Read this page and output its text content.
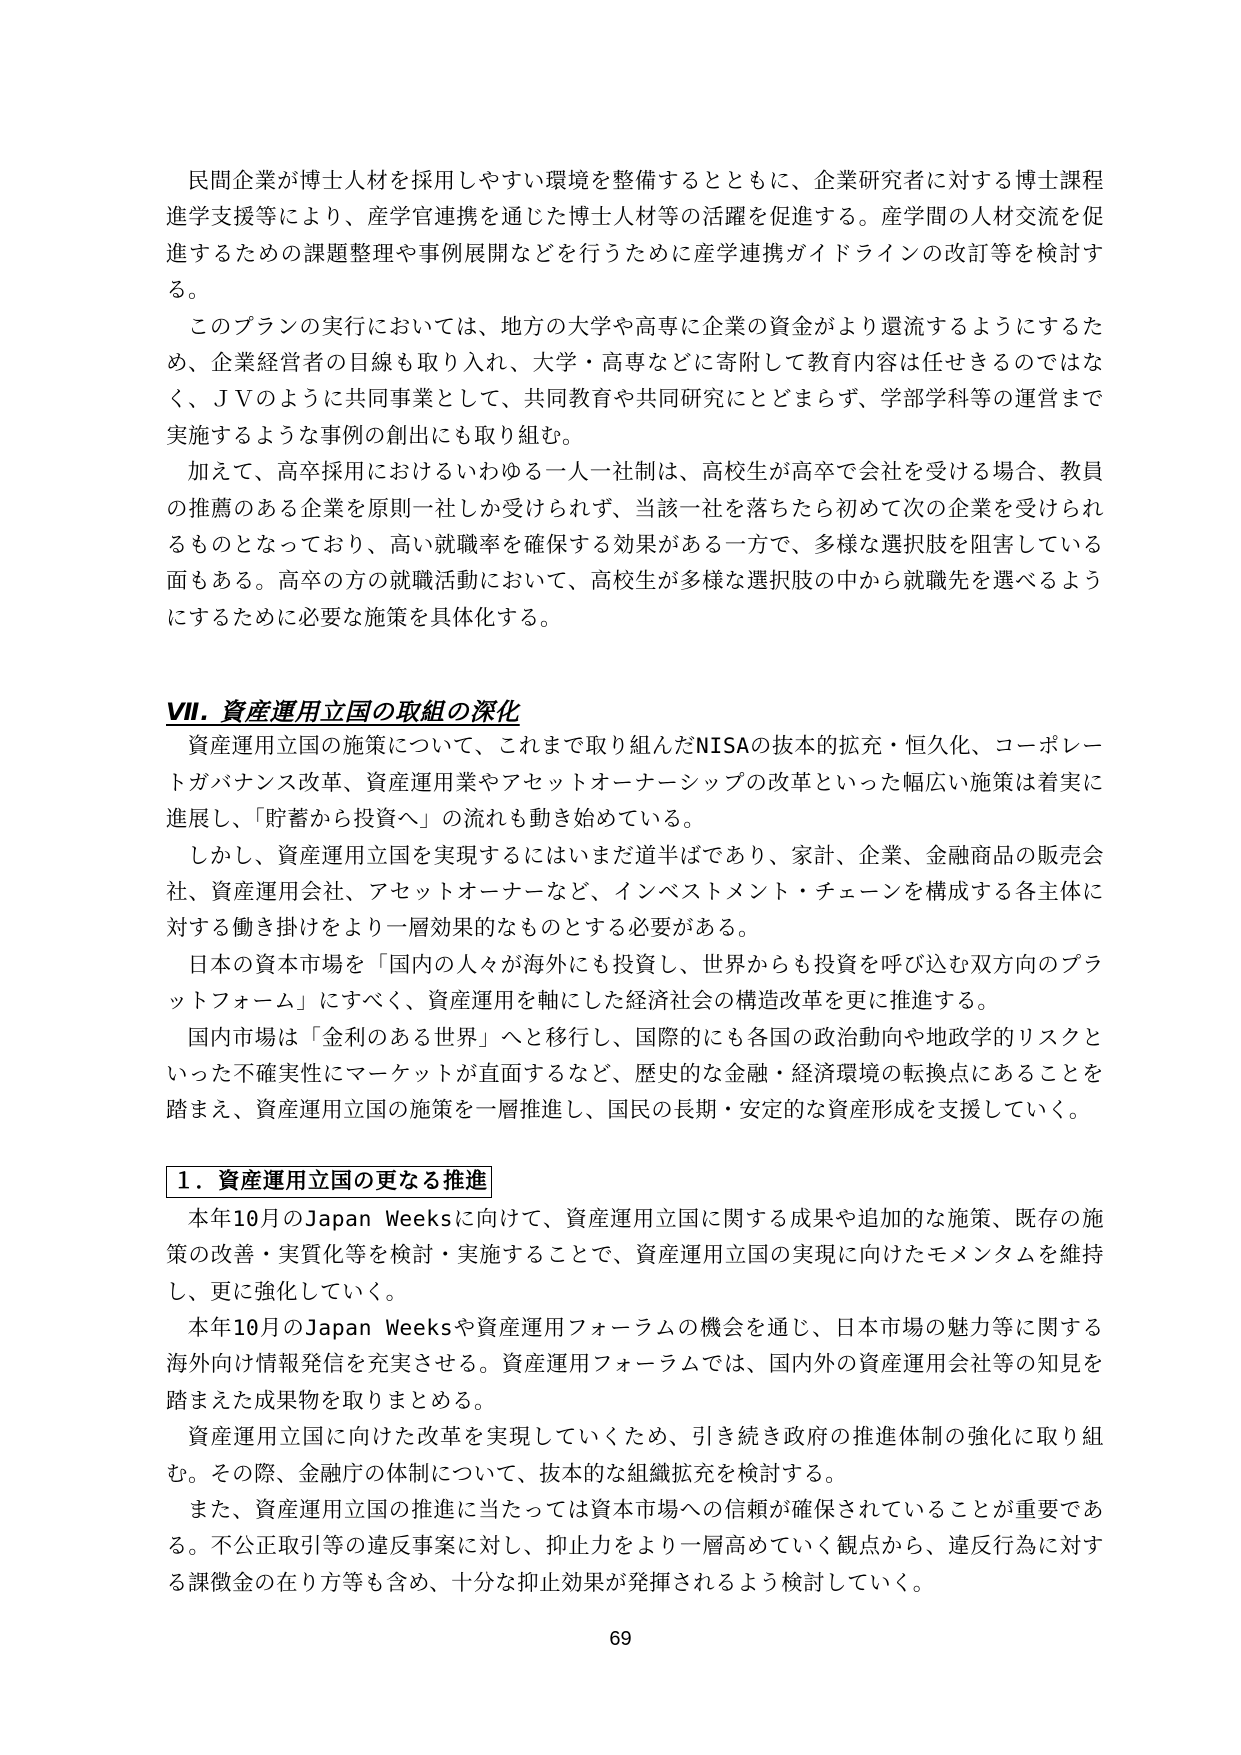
民間企業が博士人材を採用しやすい環境を整備するとともに、企業研究者に対する博士課程進学支援等により、産学官連携を通じた博士人材等の活躍を促進する。産学間の人材交流を促進するための課題整理や事例展開などを行うために産学連携ガイドラインの改訂等を検討する。

このプランの実行においては、地方の大学や高専に企業の資金がより還流するようにするため、企業経営者の目線も取り入れ、大学・高専などに寄附して教育内容は任せきるのではなく、ＪＶのように共同事業として、共同教育や共同研究にとどまらず、学部学科等の運営まで実施するような事例の創出にも取り組む。

加えて、高卒採用におけるいわゆる一人一社制は、高校生が高卒で会社を受ける場合、教員の推薦のある企業を原則一社しか受けられず、当該一社を落ちたら初めて次の企業を受けられるものとなっており、高い就職率を確保する効果がある一方で、多様な選択肢を阻害している面もある。高卒の方の就職活動において、高校生が多様な選択肢の中から就職先を選べるようにするために必要な施策を具体化する。

Ⅶ. 資産運用立国の取組の深化

資産運用立国の施策について、これまで取り組んだNISAの抜本的拡充・恒久化、コーポレートガバナンス改革、資産運用業やアセットオーナーシップの改革といった幅広い施策は着実に進展し、「貯蓄から投資へ」の流れも動き始めている。

しかし、資産運用立国を実現するにはいまだ道半ばであり、家計、企業、金融商品の販売会社、資産運用会社、アセットオーナーなど、インベストメント・チェーンを構成する各主体に対する働き掛けをより一層効果的なものとする必要がある。

日本の資本市場を「国内の人々が海外にも投資し、世界からも投資を呼び込む双方向のプラットフォーム」にすべく、資産運用を軸にした経済社会の構造改革を更に推進する。

国内市場は「金利のある世界」へと移行し、国際的にも各国の政治動向や地政学的リスクといった不確実性にマーケットが直面するなど、歴史的な金融・経済環境の転換点にあることを踏まえ、資産運用立国の施策を一層推進し、国民の長期・安定的な資産形成を支援していく。

１．資産運用立国の更なる推進

本年10月のJapan Weeksに向けて、資産運用立国に関する成果や追加的な施策、既存の施策の改善・実質化等を検討・実施することで、資産運用立国の実現に向けたモメンタムを維持し、更に強化していく。

本年10月のJapan Weeksや資産運用フォーラムの機会を通じ、日本市場の魅力等に関する海外向け情報発信を充実させる。資産運用フォーラムでは、国内外の資産運用会社等の知見を踏まえた成果物を取りまとめる。

資産運用立国に向けた改革を実現していくため、引き続き政府の推進体制の強化に取り組む。その際、金融庁の体制について、抜本的な組織拡充を検討する。

また、資産運用立国の推進に当たっては資本市場への信頼が確保されていることが重要である。不公正取引等の違反事案に対し、抑止力をより一層高めていく観点から、違反行為に対する課徴金の在り方等も含め、十分な抑止効果が発揮されるよう検討していく。

69
